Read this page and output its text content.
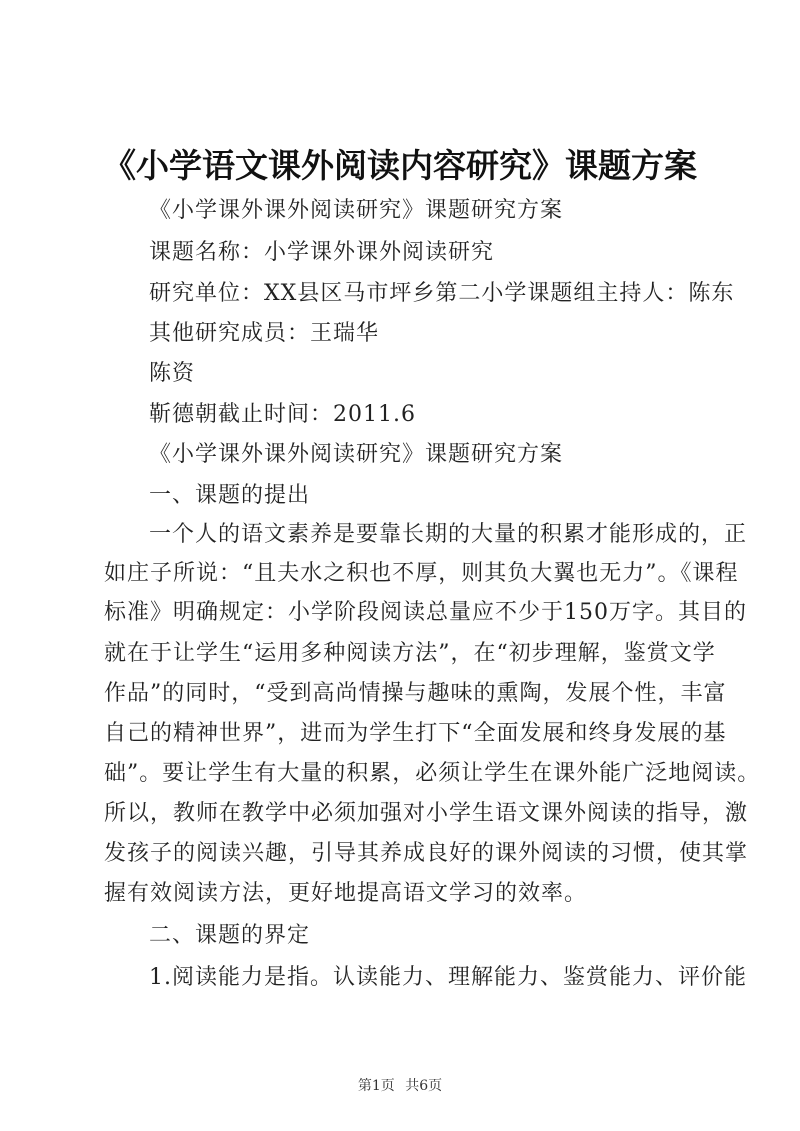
《小学语文课外阅读内容研究》课题方案
《小学课外课外阅读研究》课题研究方案
课题名称：小学课外课外阅读研究
研究单位：XX县区马市坪乡第二小学课题组主持人：陈东
其他研究成员：王瑞华
陈资
靳德朝截止时间：2011.6
《小学课外课外阅读研究》课题研究方案
一、课题的提出
一个人的语文素养是要靠长期的大量的积累才能形成的，正
如庄子所说：“且夫水之积也不厚，则其负大翼也无力”。《课程
标准》明确规定：小学阶段阅读总量应不少于150万字。其目的
就在于让学生“运用多种阅读方法”，在“初步理解，鉴赏文学
作品”的同时，“受到高尚情操与趣味的熏陶，发展个性，丰富
自己的精神世界”，进而为学生打下“全面发展和终身发展的基
础”。要让学生有大量的积累，必须让学生在课外能广泛地阅读。
所以，教师在教学中必须加强对小学生语文课外阅读的指导，激
发孩子的阅读兴趣，引导其养成良好的课外阅读的习惯，使其掌
握有效阅读方法，更好地提高语文学习的效率。
二、课题的界定
1.阅读能力是指。认读能力、理解能力、鉴赏能力、评价能
第1页 共6页
